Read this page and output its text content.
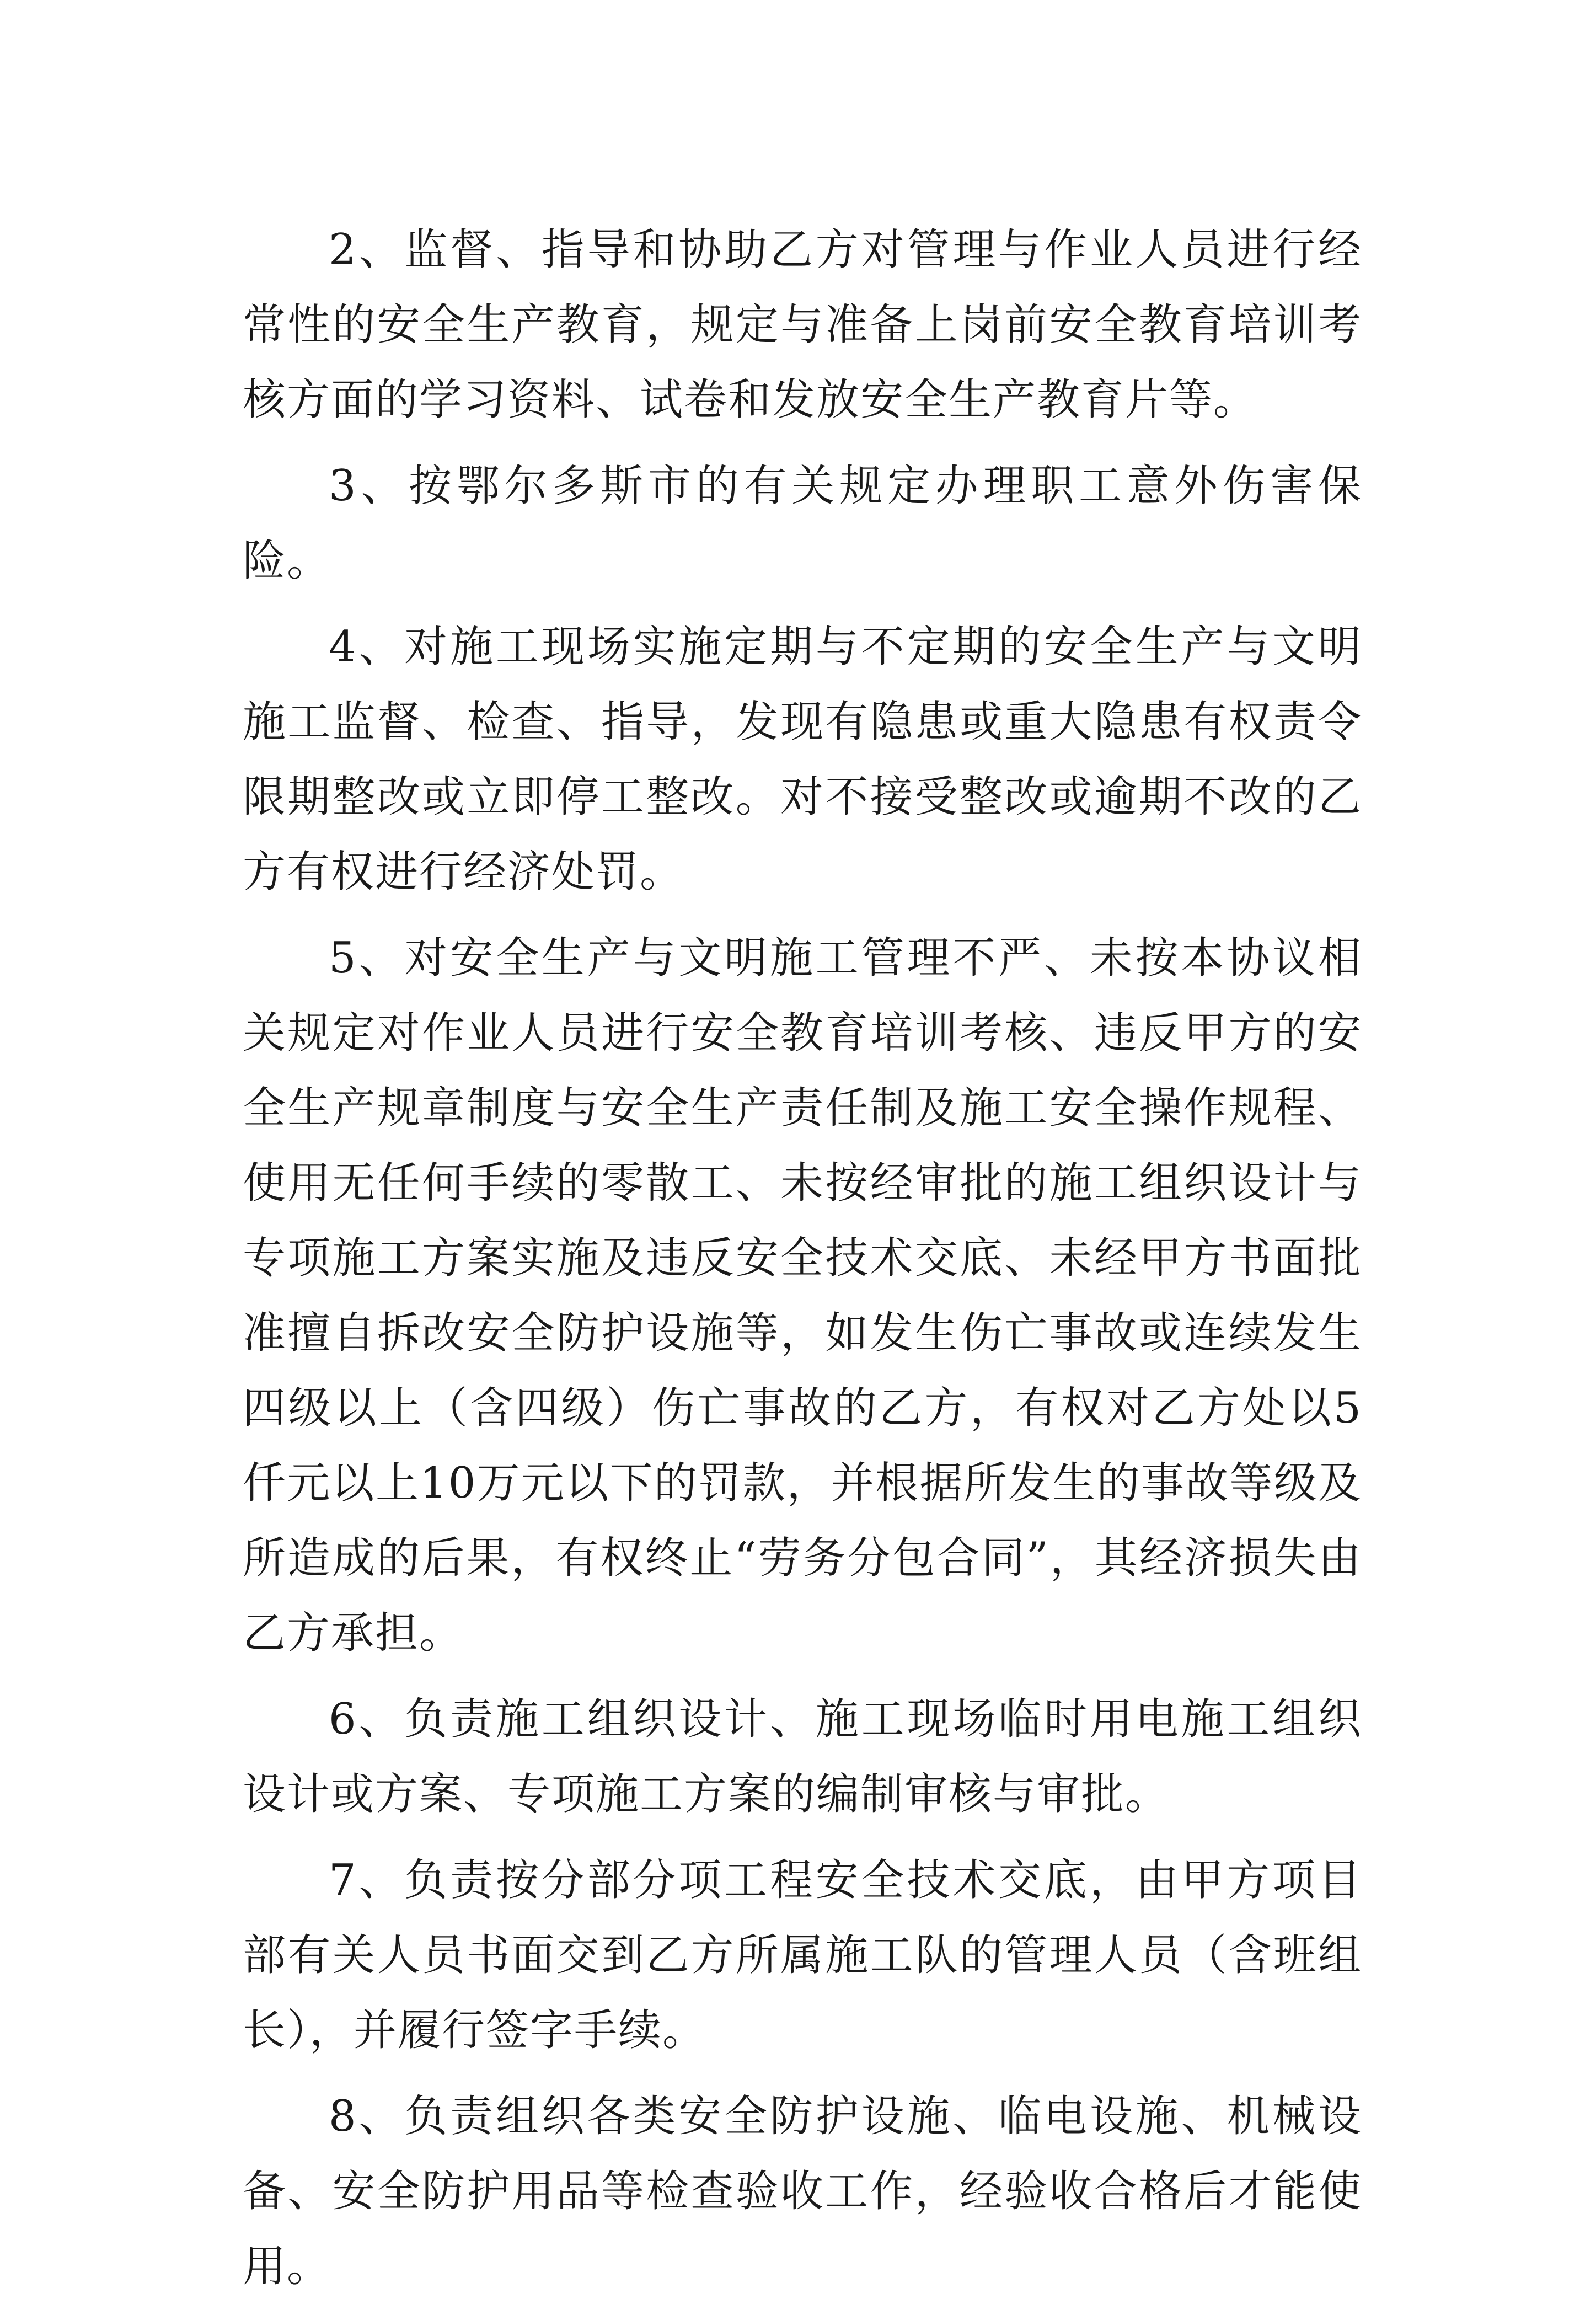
2、监督、指导和协助乙方对管理与作业人员进行经常性的安全生产教育，规定与准备上岗前安全教育培训考核方面的学习资料、试卷和发放安全生产教育片等。

3、按鄂尔多斯市的有关规定办理职工意外伤害保险。

4、对施工现场实施定期与不定期的安全生产与文明施工监督、检查、指导，发现有隐患或重大隐患有权责令限期整改或立即停工整改。对不接受整改或逾期不改的乙方有权进行经济处罚。

5、对安全生产与文明施工管理不严、未按本协议相关规定对作业人员进行安全教育培训考核、违反甲方的安全生产规章制度与安全生产责任制及施工安全操作规程、使用无任何手续的零散工、未按经审批的施工组织设计与专项施工方案实施及违反安全技术交底、未经甲方书面批准擅自拆改安全防护设施等，如发生伤亡事故或连续发生四级以上（含四级）伤亡事故的乙方，有权对乙方处以5仟元以上10万元以下的罚款，并根据所发生的事故等级及所造成的后果，有权终止“劳务分包合同”，其经济损失由乙方承担。

6、负责施工组织设计、施工现场临时用电施工组织设计或方案、专项施工方案的编制审核与审批。

7、负责按分部分项工程安全技术交底，由甲方项目部有关人员书面交到乙方所属施工队的管理人员（含班组长），并履行签字手续。

8、负责组织各类安全防护设施、临电设施、机械设备、安全防护用品等检查验收工作，经验收合格后才能使用。
